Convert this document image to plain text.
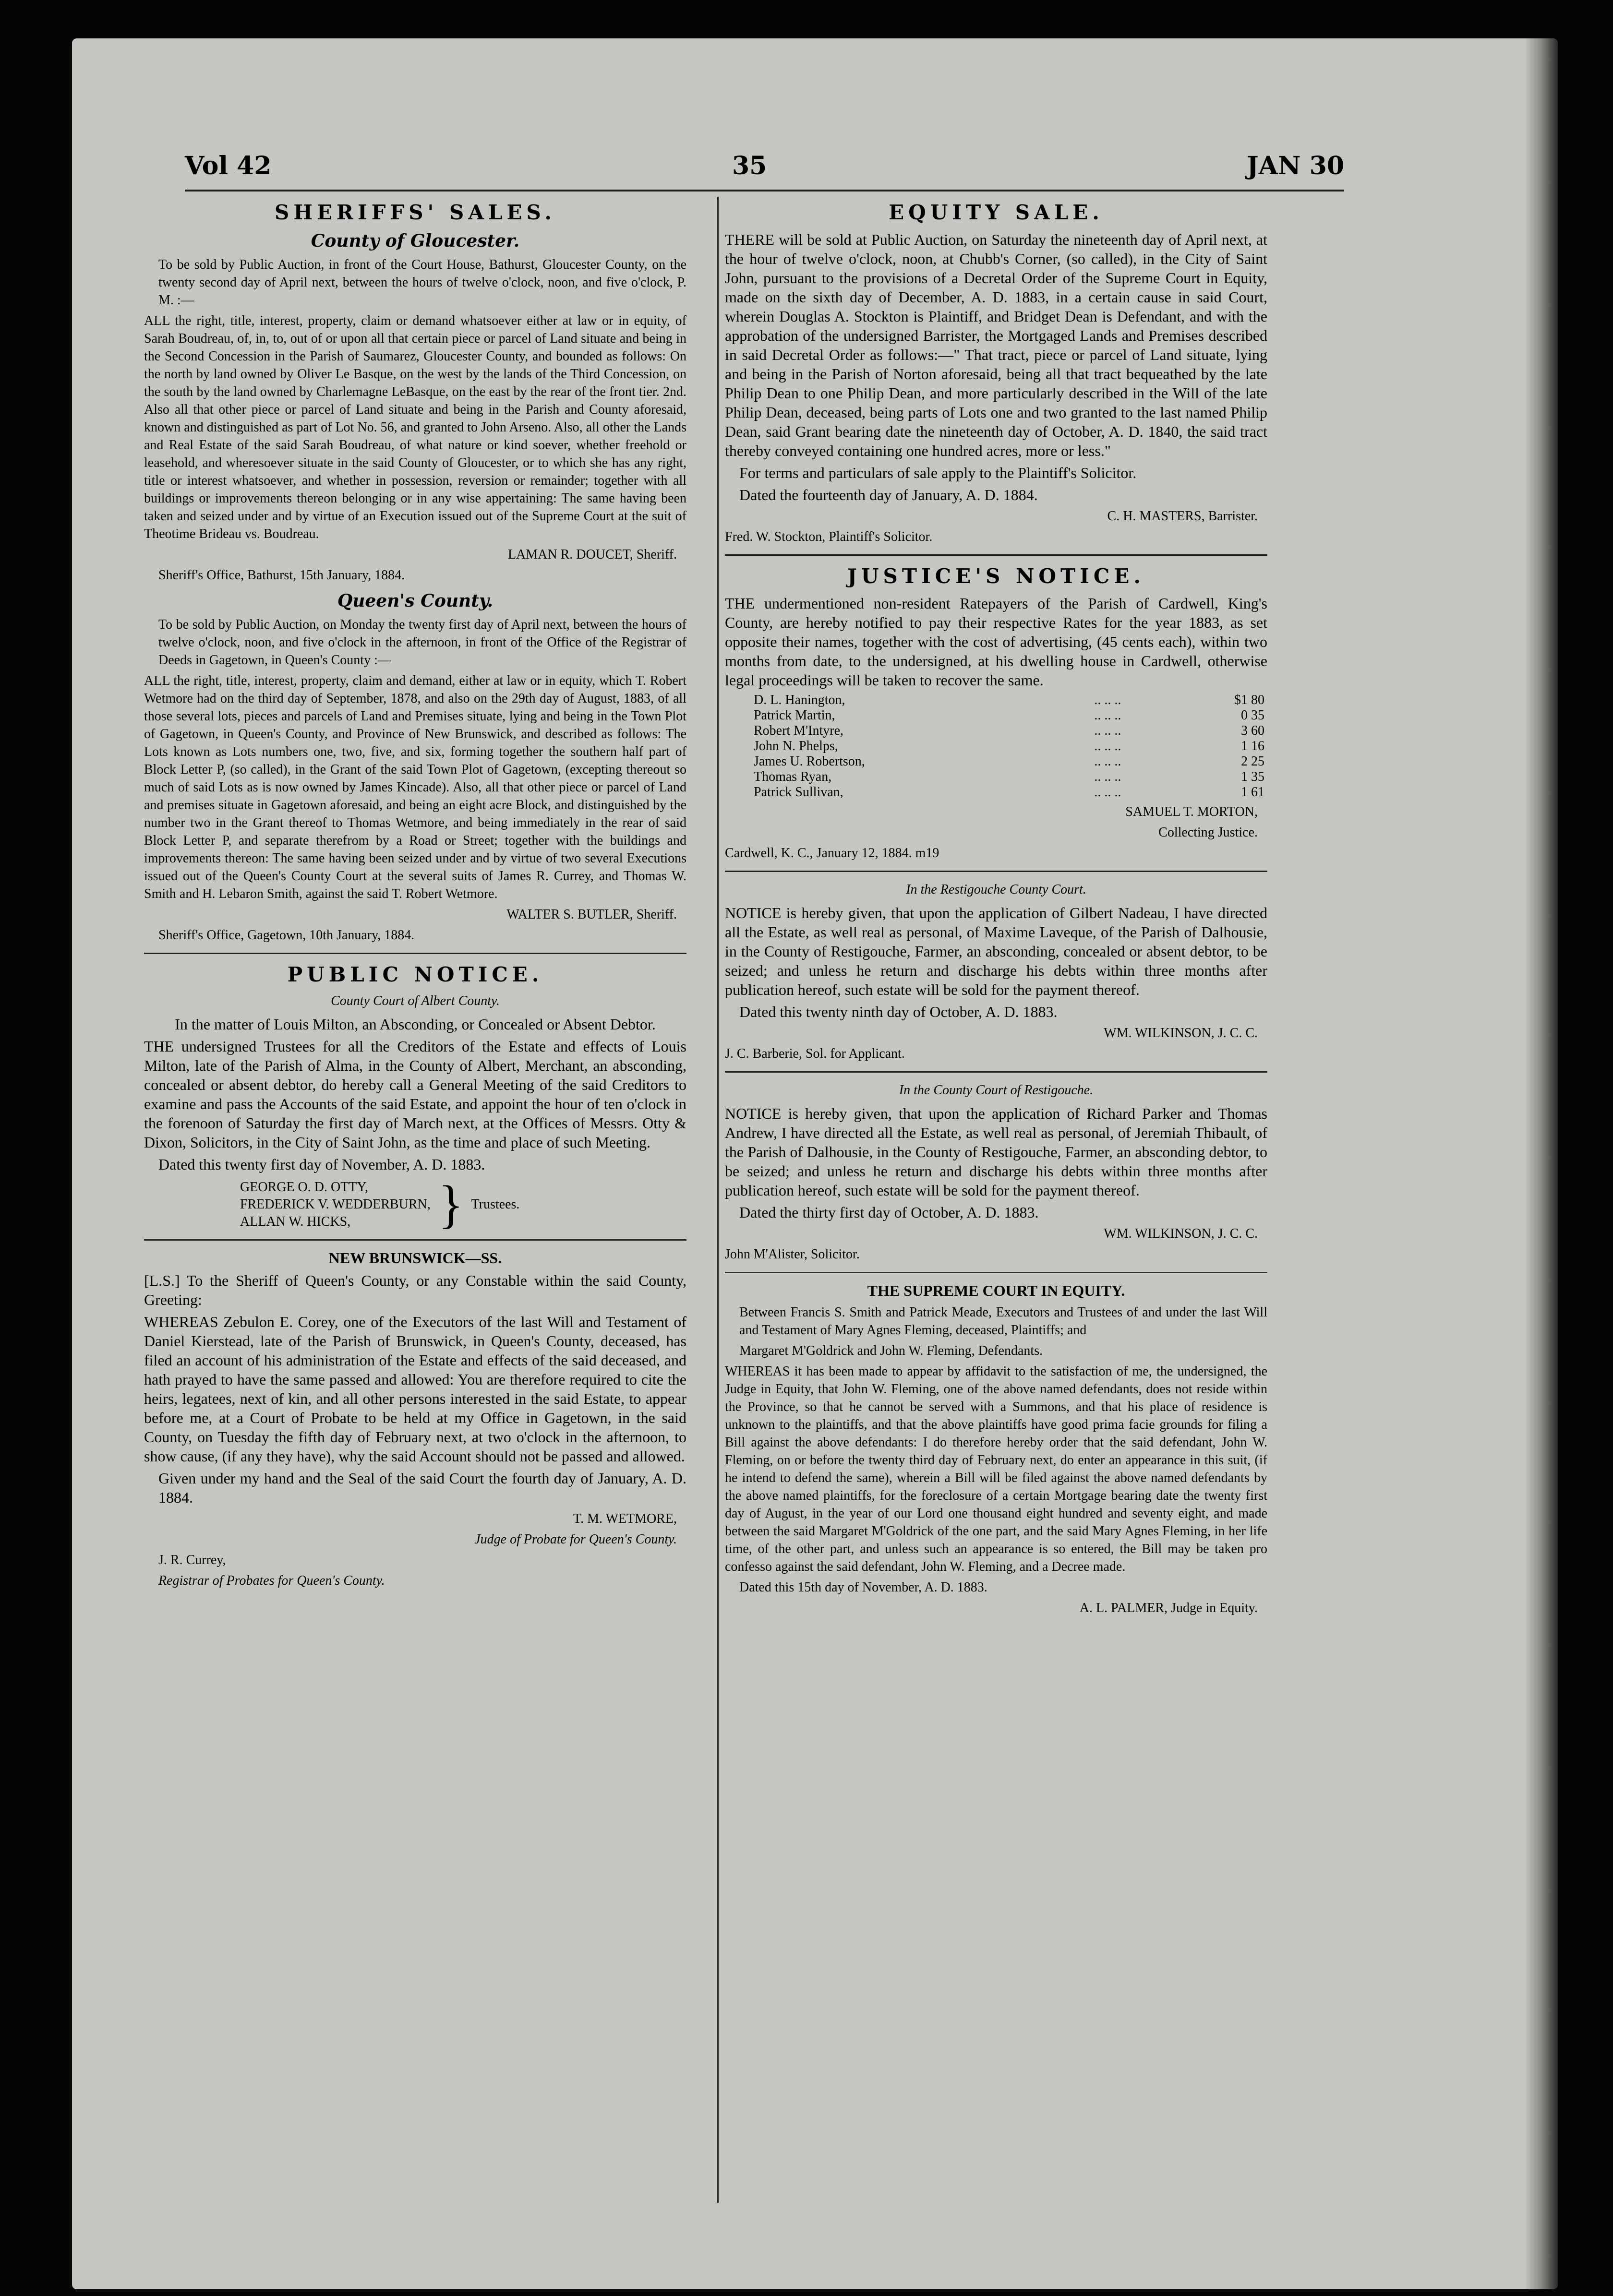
Vol 42	35	JAN 30
SHERIFFS' SALES.
County of Gloucester.

To be sold by Public Auction, in front of the Court House, Bathurst, Gloucester County, on the twenty second day of April next, between the hours of twelve o'clock, noon, and five o'clock, P. M. :—

ALL the right, title, interest, property, claim or demand whatsoever either at law or in equity, of Sarah Boudreau, of, in, to, out of or upon all that certain piece or parcel of Land situate and being in the Second Concession in the Parish of Saumarez, Gloucester County, and bounded as follows: On the north by land owned by Oliver Le Basque, on the west by the lands of the Third Concession, on the south by the land owned by Charlemagne LeBasque, on the east by the rear of the front tier. 2nd. Also all that other piece or parcel of Land situate and being in the Parish and County aforesaid, known and distinguished as part of Lot No. 56, and granted to John Arseno. Also, all other the Lands and Real Estate of the said Sarah Boudreau, of what nature or kind soever, whether freehold or leasehold, and wheresoever situate in the said County of Gloucester, or to which she has any right, title or interest whatsoever, and whether in possession, reversion or remainder; together with all buildings or improvements thereon belonging or in any wise appertaining: The same having been taken and seized under and by virtue of an Execution issued out of the Supreme Court at the suit of Theotime Brideau vs. Boudreau.

LAMAN R. DOUCET, Sheriff.

Sheriff's Office, Bathurst, 15th January, 1884.

Queen's County.

To be sold by Public Auction, on Monday the twenty first day of April next, between the hours of twelve o'clock, noon, and five o'clock in the afternoon, in front of the Office of the Registrar of Deeds in Gagetown, in Queen's County :—

ALL the right, title, interest, property, claim and demand, either at law or in equity, which T. Robert Wetmore had on the third day of September, 1878, and also on the 29th day of August, 1883, of all those several lots, pieces and parcels of Land and Premises situate, lying and being in the Town Plot of Gagetown, in Queen's County, and Province of New Brunswick, and described as follows: The Lots known as Lots numbers one, two, five, and six, forming together the southern half part of Block Letter P, (so called), in the Grant of the said Town Plot of Gagetown, (excepting thereout so much of said Lots as is now owned by James Kincade). Also, all that other piece or parcel of Land and premises situate in Gagetown aforesaid, and being an eight acre Block, and distinguished by the number two in the Grant thereof to Thomas Wetmore, and being immediately in the rear of said Block Letter P, and separate therefrom by a Road or Street; together with the buildings and improvements thereon: The same having been seized under and by virtue of two several Executions issued out of the Queen's County Court at the several suits of James R. Currey, and Thomas W. Smith and H. Lebaron Smith, against the said T. Robert Wetmore.

WALTER S. BUTLER, Sheriff.

Sheriff's Office, Gagetown, 10th January, 1884.

PUBLIC NOTICE.

County Court of Albert County.

In the matter of Louis Milton, an Absconding, or Concealed or Absent Debtor.

THE undersigned Trustees for all the Creditors of the Estate and effects of Louis Milton, late of the Parish of Alma, in the County of Albert, Merchant, an absconding, concealed or absent debtor, do hereby call a General Meeting of the said Creditors to examine and pass the Accounts of the said Estate, and appoint the hour of ten o'clock in the forenoon of Saturday the first day of March next, at the Offices of Messrs. Otty & Dixon, Solicitors, in the City of Saint John, as the time and place of such Meeting.

Dated this twenty first day of November, A. D. 1883.

GEORGE O. D. OTTY,
FREDERICK V. WEDDERBURN,
ALLAN W. HICKS,	} Trustees.
NEW BRUNSWICK—SS.

[L.S.] To the Sheriff of Queen's County, or any Constable within the said County, Greeting:

WHEREAS Zebulon E. Corey, one of the Executors of the last Will and Testament of Daniel Kierstead, late of the Parish of Brunswick, in Queen's County, deceased, has filed an account of his administration of the Estate and effects of the said deceased, and hath prayed to have the same passed and allowed: You are therefore required to cite the heirs, legatees, next of kin, and all other persons interested in the said Estate, to appear before me, at a Court of Probate to be held at my Office in Gagetown, in the said County, on Tuesday the fifth day of February next, at two o'clock in the afternoon, to show cause, (if any they have), why the said Account should not be passed and allowed.

Given under my hand and the Seal of the said Court the fourth day of January, A. D. 1884.

T. M. WETMORE,

Judge of Probate for Queen's County.

J. R. Currey,

Registrar of Probates for Queen's County.

EQUITY SALE.

THERE will be sold at Public Auction, on Saturday the nineteenth day of April next, at the hour of twelve o'clock, noon, at Chubb's Corner, (so called), in the City of Saint John, pursuant to the provisions of a Decretal Order of the Supreme Court in Equity, made on the sixth day of December, A. D. 1883, in a certain cause in said Court, wherein Douglas A. Stockton is Plaintiff, and Bridget Dean is Defendant, and with the approbation of the undersigned Barrister, the Mortgaged Lands and Premises described in said Decretal Order as follows:—" That tract, piece or parcel of Land situate, lying and being in the Parish of Norton aforesaid, being all that tract bequeathed by the late Philip Dean to one Philip Dean, and more particularly described in the Will of the late Philip Dean, deceased, being parts of Lots one and two granted to the last named Philip Dean, said Grant bearing date the nineteenth day of October, A. D. 1840, the said tract thereby conveyed containing one hundred acres, more or less."

For terms and particulars of sale apply to the Plaintiff's Solicitor.

Dated the fourteenth day of January, A. D. 1884.

C. H. MASTERS, Barrister.

Fred. W. Stockton, Plaintiff's Solicitor.

JUSTICE'S NOTICE.

THE undermentioned non-resident Ratepayers of the Parish of Cardwell, King's County, are hereby notified to pay their respective Rates for the year 1883, as set opposite their names, together with the cost of advertising, (45 cents each), within two months from date, to the undersigned, at his dwelling house in Cardwell, otherwise legal proceedings will be taken to recover the same.

D. L. Hanington,	.. .. ..	$1 80
Patrick Martin,	.. .. ..	0 35
Robert M'Intyre,	.. .. ..	3 60
John N. Phelps,	.. .. ..	1 16
James U. Robertson,	.. .. ..	2 25
Thomas Ryan,	.. .. ..	1 35
Patrick Sullivan,	.. .. ..	1 61

SAMUEL T. MORTON,

Collecting Justice.

Cardwell, K. C., January 12, 1884. m19

In the Restigouche County Court.

NOTICE is hereby given, that upon the application of Gilbert Nadeau, I have directed all the Estate, as well real as personal, of Maxime Laveque, of the Parish of Dalhousie, in the County of Restigouche, Farmer, an absconding, concealed or absent debtor, to be seized; and unless he return and discharge his debts within three months after publication hereof, such estate will be sold for the payment thereof.

Dated this twenty ninth day of October, A. D. 1883.

WM. WILKINSON, J. C. C.

J. C. Barberie, Sol. for Applicant.

In the County Court of Restigouche.

NOTICE is hereby given, that upon the application of Richard Parker and Thomas Andrew, I have directed all the Estate, as well real as personal, of Jeremiah Thibault, of the Parish of Dalhousie, in the County of Restigouche, Farmer, an absconding debtor, to be seized; and unless he return and discharge his debts within three months after publication hereof, such estate will be sold for the payment thereof.

Dated the thirty first day of October, A. D. 1883.

WM. WILKINSON, J. C. C.

John M'Alister, Solicitor.

THE SUPREME COURT IN EQUITY.

Between Francis S. Smith and Patrick Meade, Executors and Trustees of and under the last Will and Testament of Mary Agnes Fleming, deceased, Plaintiffs; and

Margaret M'Goldrick and John W. Fleming, Defendants.

WHEREAS it has been made to appear by affidavit to the satisfaction of me, the undersigned, the Judge in Equity, that John W. Fleming, one of the above named defendants, does not reside within the Province, so that he cannot be served with a Summons, and that his place of residence is unknown to the plaintiffs, and that the above plaintiffs have good prima facie grounds for filing a Bill against the above defendants: I do therefore hereby order that the said defendant, John W. Fleming, on or before the twenty third day of February next, do enter an appearance in this suit, (if he intend to defend the same), wherein a Bill will be filed against the above named defendants by the above named plaintiffs, for the foreclosure of a certain Mortgage bearing date the twenty first day of August, in the year of our Lord one thousand eight hundred and seventy eight, and made between the said Margaret M'Goldrick of the one part, and the said Mary Agnes Fleming, in her life time, of the other part, and unless such an appearance is so entered, the Bill may be taken pro confesso against the said defendant, John W. Fleming, and a Decree made.

Dated this 15th day of November, A. D. 1883.

A. L. PALMER, Judge in Equity.
